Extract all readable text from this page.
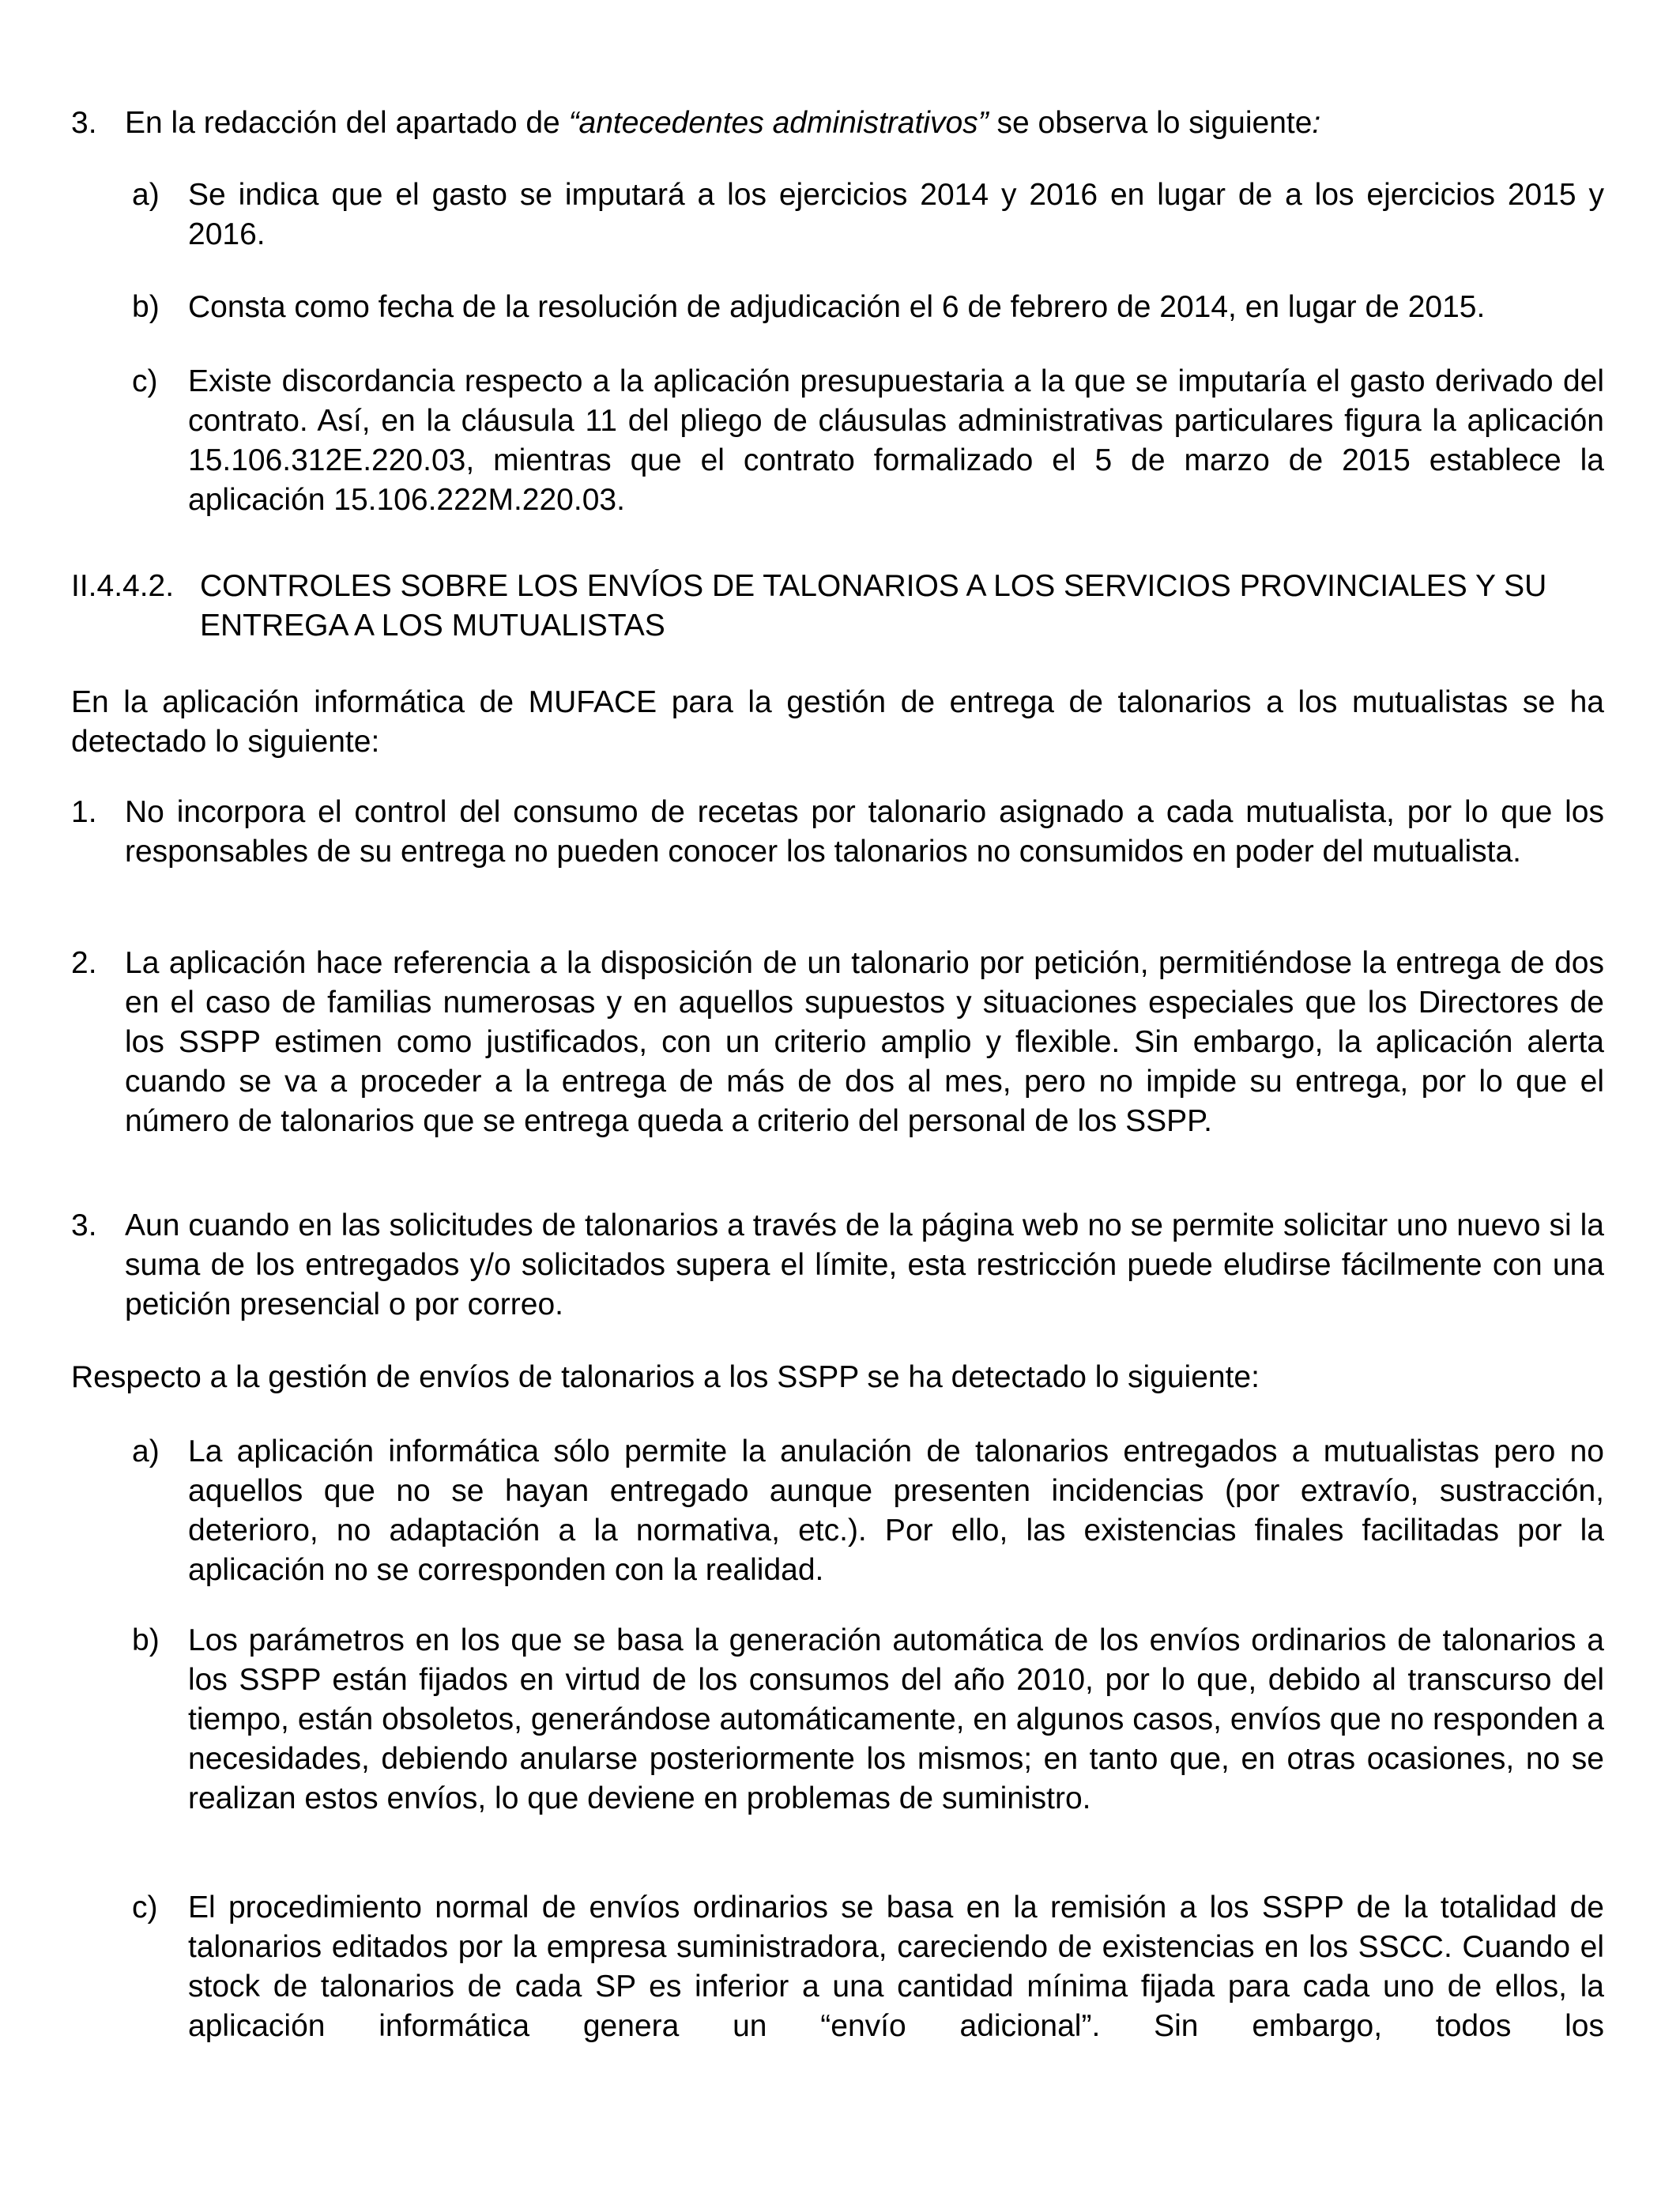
3. En la redacción del apartado de “antecedentes administrativos” se observa lo siguiente:

a) Se indica que el gasto se imputará a los ejercicios 2014 y 2016 en lugar de a los ejercicios 2015 y 2016.

b) Consta como fecha de la resolución de adjudicación el 6 de febrero de 2014, en lugar de 2015.

c) Existe discordancia respecto a la aplicación presupuestaria a la que se imputaría el gasto derivado del contrato. Así, en la cláusula 11 del pliego de cláusulas administrativas particulares figura la aplicación 15.106.312E.220.03, mientras que el contrato formalizado el 5 de marzo de 2015 establece la aplicación 15.106.222M.220.03.

II.4.4.2. CONTROLES SOBRE LOS ENVÍOS DE TALONARIOS A LOS SERVICIOS PROVINCIALES Y SU ENTREGA A LOS MUTUALISTAS

En la aplicación informática de MUFACE para la gestión de entrega de talonarios a los mutualistas se ha detectado lo siguiente:

1. No incorpora el control del consumo de recetas por talonario asignado a cada mutualista, por lo que los responsables de su entrega no pueden conocer los talonarios no consumidos en poder del mutualista.

2. La aplicación hace referencia a la disposición de un talonario por petición, permitiéndose la entrega de dos en el caso de familias numerosas y en aquellos supuestos y situaciones especiales que los Directores de los SSPP estimen como justificados, con un criterio amplio y flexible. Sin embargo, la aplicación alerta cuando se va a proceder a la entrega de más de dos al mes, pero no impide su entrega, por lo que el número de talonarios que se entrega queda a criterio del personal de los SSPP.

3. Aun cuando en las solicitudes de talonarios a través de la página web no se permite solicitar uno nuevo si la suma de los entregados y/o solicitados supera el límite, esta restricción puede eludirse fácilmente con una petición presencial o por correo.

Respecto a la gestión de envíos de talonarios a los SSPP se ha detectado lo siguiente:

a) La aplicación informática sólo permite la anulación de talonarios entregados a mutualistas pero no aquellos que no se hayan entregado aunque presenten incidencias (por extravío, sustracción, deterioro, no adaptación a la normativa, etc.). Por ello, las existencias finales facilitadas por la aplicación no se corresponden con la realidad.

b) Los parámetros en los que se basa la generación automática de los envíos ordinarios de talonarios a los SSPP están fijados en virtud de los consumos del año 2010, por lo que, debido al transcurso del tiempo, están obsoletos, generándose automáticamente, en algunos casos, envíos que no responden a necesidades, debiendo anularse posteriormente los mismos; en tanto que, en otras ocasiones, no se realizan estos envíos, lo que deviene en problemas de suministro.

c) El procedimiento normal de envíos ordinarios se basa en la remisión a los SSPP de la totalidad de talonarios editados por la empresa suministradora, careciendo de existencias en los SSCC. Cuando el stock de talonarios de cada SP es inferior a una cantidad mínima fijada para cada uno de ellos, la aplicación informática genera un “envío adicional”. Sin embargo, todos los
